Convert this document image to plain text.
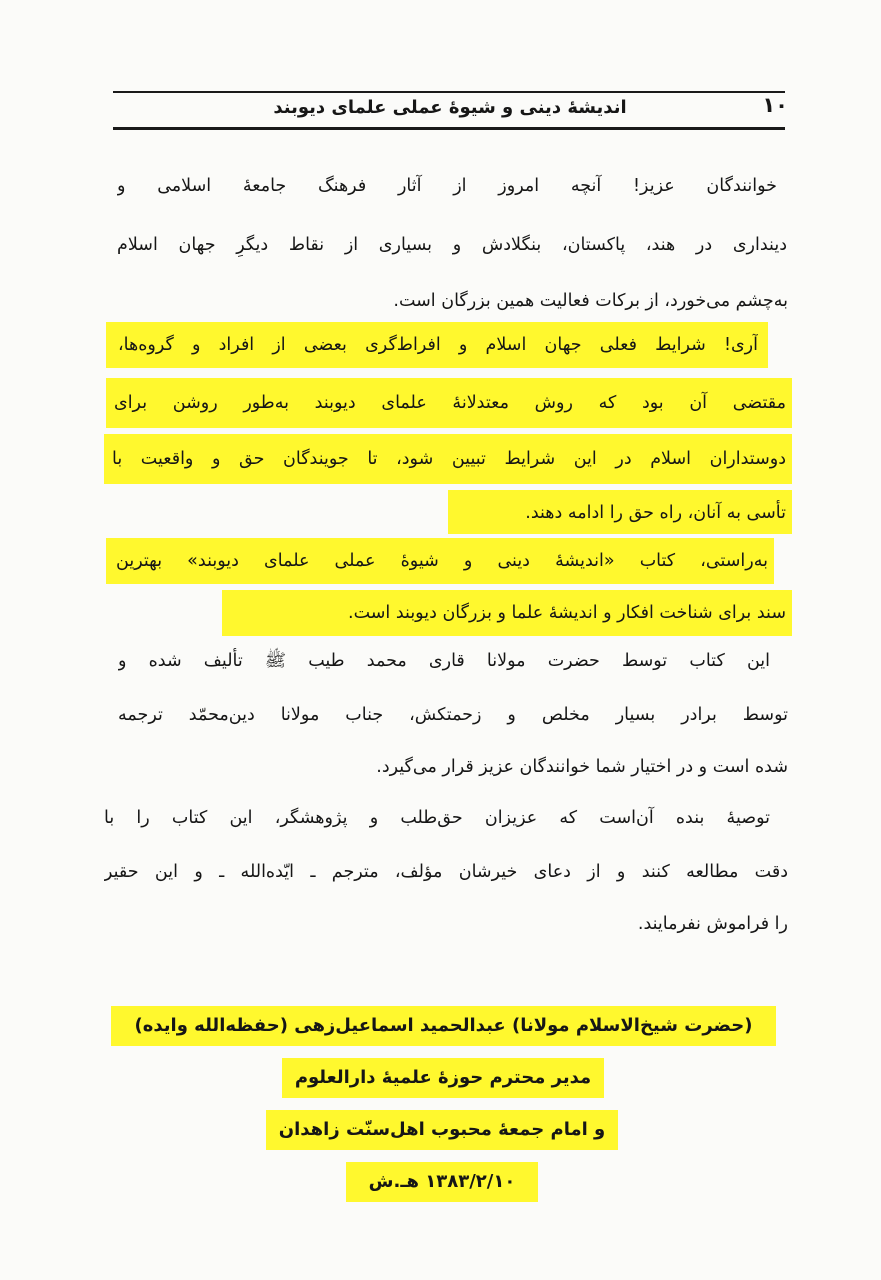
۱۰
اندیشهٔ دینی و شیوهٔ عملی علمای دیوبند
خوانندگان عزیز! آنچه امروز از آثار فرهنگ جامعهٔ اسلامی و
دینداری در هند، پاکستان، بنگلادش و بسیاری از نقاط دیگرِ جهان اسلام
به‌چشم می‌خورد، از برکات فعالیت همین بزرگان است.
آری! شرایط فعلی جهان اسلام و افراط‌گری بعضی از افراد و گروه‌ها،
مقتضی آن بود که روش معتدلانهٔ علمای دیوبند به‌طور روشن برای
دوستداران اسلام در این شرایط تبیین شود، تا جویندگان حق و واقعیت با
تأسی به آنان، راه حق را ادامه دهند.
به‌راستی، کتاب «اندیشهٔ دینی و شیوهٔ عملی علمای دیوبند» بهترین
سند برای شناخت افکار و اندیشهٔ علما و بزرگان دیوبند است.
این کتاب توسط حضرت مولانا قاری محمد طیب ﷺ تألیف شده و
توسط برادر بسیار مخلص و زحمتکش، جناب مولانا دین‌محمّد ترجمه
شده است و در اختیار شما خوانندگان عزیز قرار می‌گیرد.
توصیهٔ بنده آن‌است که عزیزان حق‌طلب و پژوهشگر، این کتاب را با
دقت مطالعه کنند و از دعای خیرشان مؤلف، مترجم ـ ایّده‌الله ـ و این حقیر
را فراموش نفرمایند.
(حضرت شیخ‌الاسلام مولانا) عبدالحمید اسماعیل‌زهی (حفظه‌الله وایده)
مدیر محترم حوزهٔ علمیهٔ دارالعلوم
و امام جمعهٔ محبوب اهل‌سنّت زاهدان
۱۳۸۳/۲/۱۰ هـ.ش
